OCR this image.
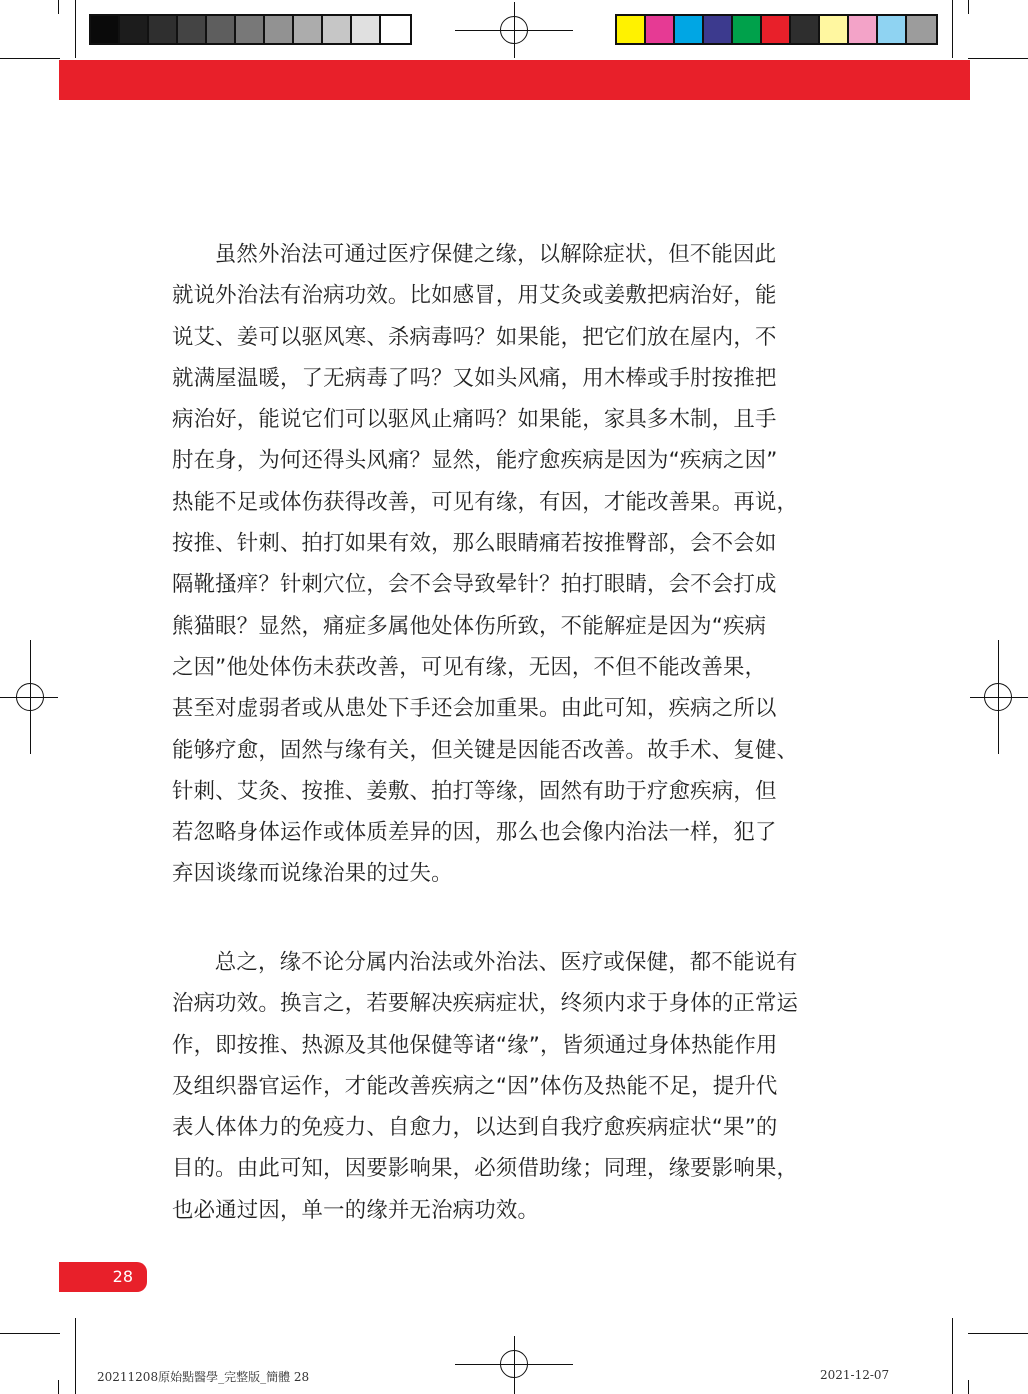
虽然外治法可通过医疗保健之缘，以解除症状，但不能因此
就说外治法有治病功效。比如感冒，用艾灸或姜敷把病治好，能
说艾、姜可以驱风寒、杀病毒吗？如果能，把它们放在屋内，不
就满屋温暖，了无病毒了吗？又如头风痛，用木棒或手肘按推把
病治好，能说它们可以驱风止痛吗？如果能，家具多木制，且手
肘在身，为何还得头风痛？显然，能疗愈疾病是因为“疾病之因”
热能不足或体伤获得改善，可见有缘，有因，才能改善果。再说，
按推、针刺、拍打如果有效，那么眼睛痛若按推臀部，会不会如
隔靴搔痒？针刺穴位，会不会导致晕针？拍打眼睛，会不会打成
熊猫眼？显然，痛症多属他处体伤所致，不能解症是因为“疾病
之因”他处体伤未获改善，可见有缘，无因，不但不能改善果，
甚至对虚弱者或从患处下手还会加重果。由此可知，疾病之所以
能够疗愈，固然与缘有关，但关键是因能否改善。故手术、复健、
针刺、艾灸、按推、姜敷、拍打等缘，固然有助于疗愈疾病，但
若忽略身体运作或体质差异的因，那么也会像内治法一样，犯了
弃因谈缘而说缘治果的过失。
总之，缘不论分属内治法或外治法、医疗或保健，都不能说有
治病功效。换言之，若要解决疾病症状，终须内求于身体的正常运
作，即按推、热源及其他保健等诸“缘”，皆须通过身体热能作用
及组织器官运作，才能改善疾病之“因”体伤及热能不足，提升代
表人体体力的免疫力、自愈力，以达到自我疗愈疾病症状“果”的
目的。由此可知，因要影响果，必须借助缘；同理，缘要影响果，
也必通过因，单一的缘并无治病功效。
28
20211208原始點醫學_完整版_簡體 28	2021-12-07
